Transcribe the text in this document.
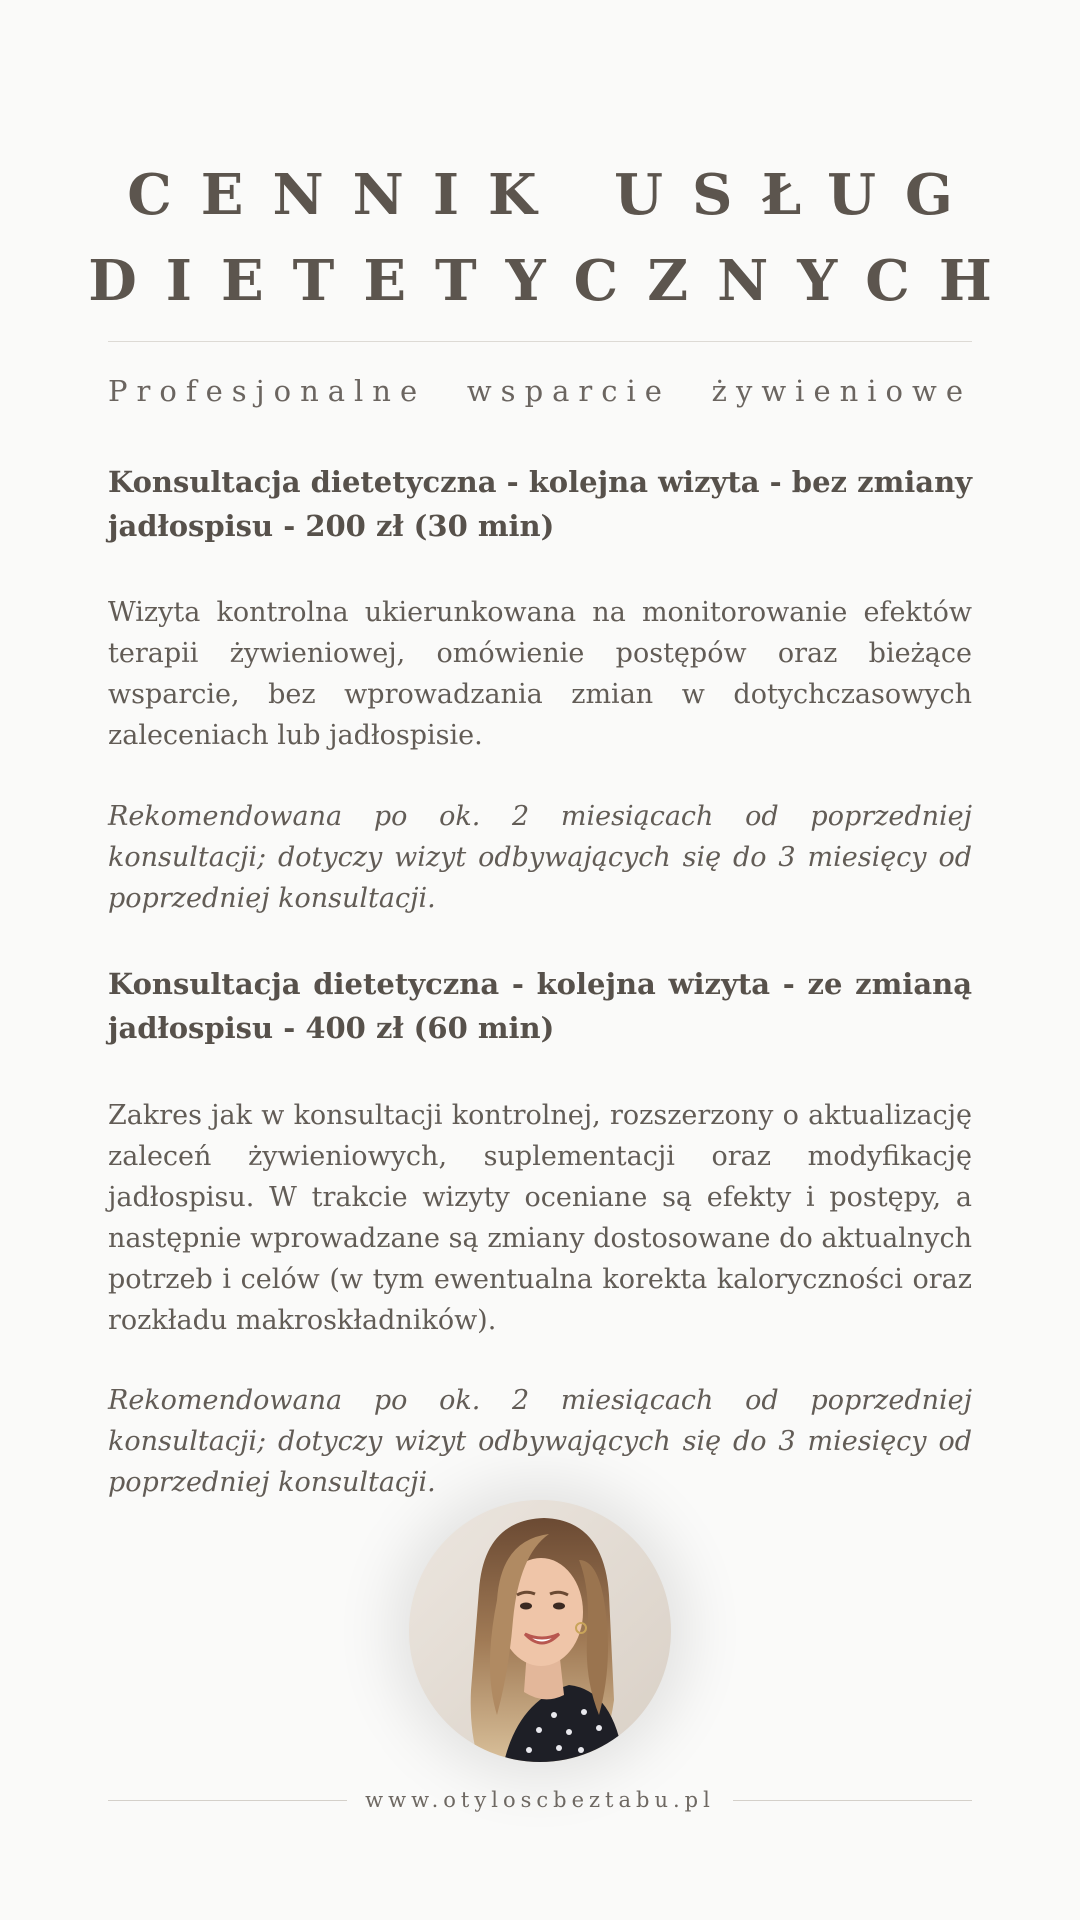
CENNIK USŁUG
DIETETYCZNYCH
Profesjonalne wsparcie żywieniowe
Konsultacja dietetyczna - kolejna wizyta - bez zmiany jadłospisu - 200 zł (30 min)
Wizyta kontrolna ukierunkowana na monitorowanie efektów terapii żywieniowej, omówienie postępów oraz bieżące wsparcie, bez wprowadzania zmian w dotychczasowych zaleceniach lub jadłospisie.
Rekomendowana po ok. 2 miesiącach od poprzedniej konsultacji; dotyczy wizyt odbywających się do 3 miesięcy od poprzedniej konsultacji.
Konsultacja dietetyczna - kolejna wizyta - ze zmianą jadłospisu - 400 zł (60 min)
Zakres jak w konsultacji kontrolnej, rozszerzony o aktualizację zaleceń żywieniowych, suplementacji oraz modyfikację jadłospisu. W trakcie wizyty oceniane są efekty i postępy, a następnie wprowadzane są zmiany dostosowane do aktualnych potrzeb i celów (w tym ewentualna korekta kaloryczności oraz rozkładu makroskładników).
Rekomendowana po ok. 2 miesiącach od poprzedniej konsultacji; dotyczy wizyt odbywających się do 3 miesięcy od poprzedniej konsultacji.
www.otyloscbeztabu.pl
